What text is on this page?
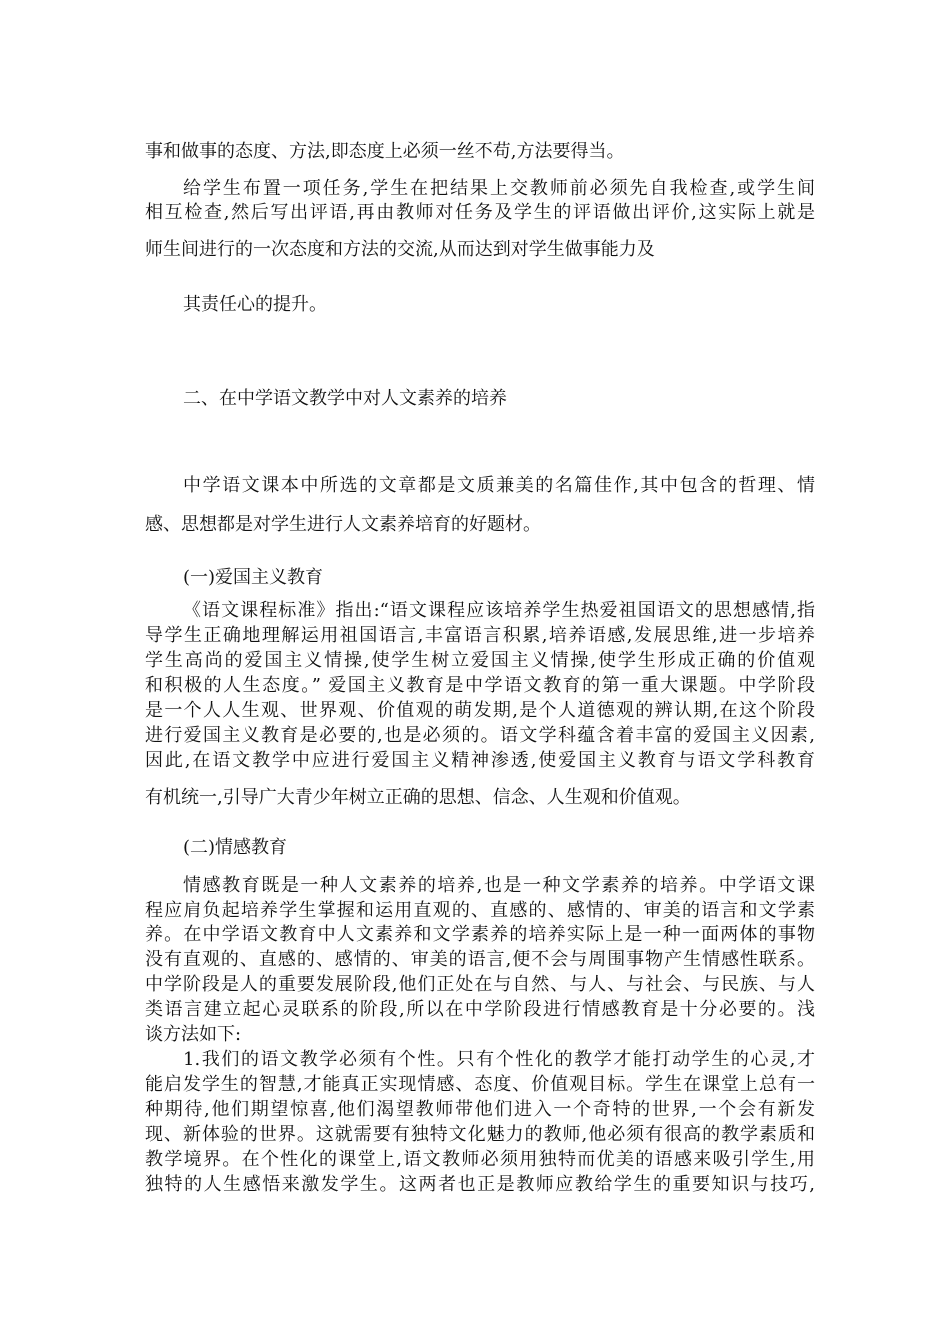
事和做事的态度、方法,即态度上必须一丝不苟,方法要得当。
给学生布置一项任务,学生在把结果上交教师前必须先自我检查,或学生间
相互检查,然后写出评语,再由教师对任务及学生的评语做出评价,这实际上就是
师生间进行的一次态度和方法的交流,从而达到对学生做事能力及
其责任心的提升。
二、在中学语文教学中对人文素养的培养
中学语文课本中所选的文章都是文质兼美的名篇佳作,其中包含的哲理、情
感、思想都是对学生进行人文素养培育的好题材。
(一)爱国主义教育
《语文课程标准》指出:“语文课程应该培养学生热爱祖国语文的思想感情,指
导学生正确地理解运用祖国语言,丰富语言积累,培养语感,发展思维,进一步培养
学生高尚的爱国主义情操,使学生树立爱国主义情操,使学生形成正确的价值观
和积极的人生态度。” 爱国主义教育是中学语文教育的第一重大课题。中学阶段
是一个人人生观、世界观、价值观的萌发期,是个人道德观的辨认期,在这个阶段
进行爱国主义教育是必要的,也是必须的。语文学科蕴含着丰富的爱国主义因素,
因此,在语文教学中应进行爱国主义精神渗透,使爱国主义教育与语文学科教育
有机统一,引导广大青少年树立正确的思想、信念、人生观和价值观。
(二)情感教育
情感教育既是一种人文素养的培养,也是一种文学素养的培养。中学语文课
程应肩负起培养学生掌握和运用直观的、直感的、感情的、审美的语言和文学素
养。在中学语文教育中人文素养和文学素养的培养实际上是一种一面两体的事物
没有直观的、直感的、感情的、审美的语言,便不会与周围事物产生情感性联系。
中学阶段是人的重要发展阶段,他们正处在与自然、与人、与社会、与民族、与人
类语言建立起心灵联系的阶段,所以在中学阶段进行情感教育是十分必要的。浅
谈方法如下:
1.我们的语文教学必须有个性。只有个性化的教学才能打动学生的心灵,才
能启发学生的智慧,才能真正实现情感、态度、价值观目标。学生在课堂上总有一
种期待,他们期望惊喜,他们渴望教师带他们进入一个奇特的世界,一个会有新发
现、新体验的世界。这就需要有独特文化魅力的教师,他必须有很高的教学素质和
教学境界。在个性化的课堂上,语文教师必须用独特而优美的语感来吸引学生,用
独特的人生感悟来激发学生。这两者也正是教师应教给学生的重要知识与技巧,
